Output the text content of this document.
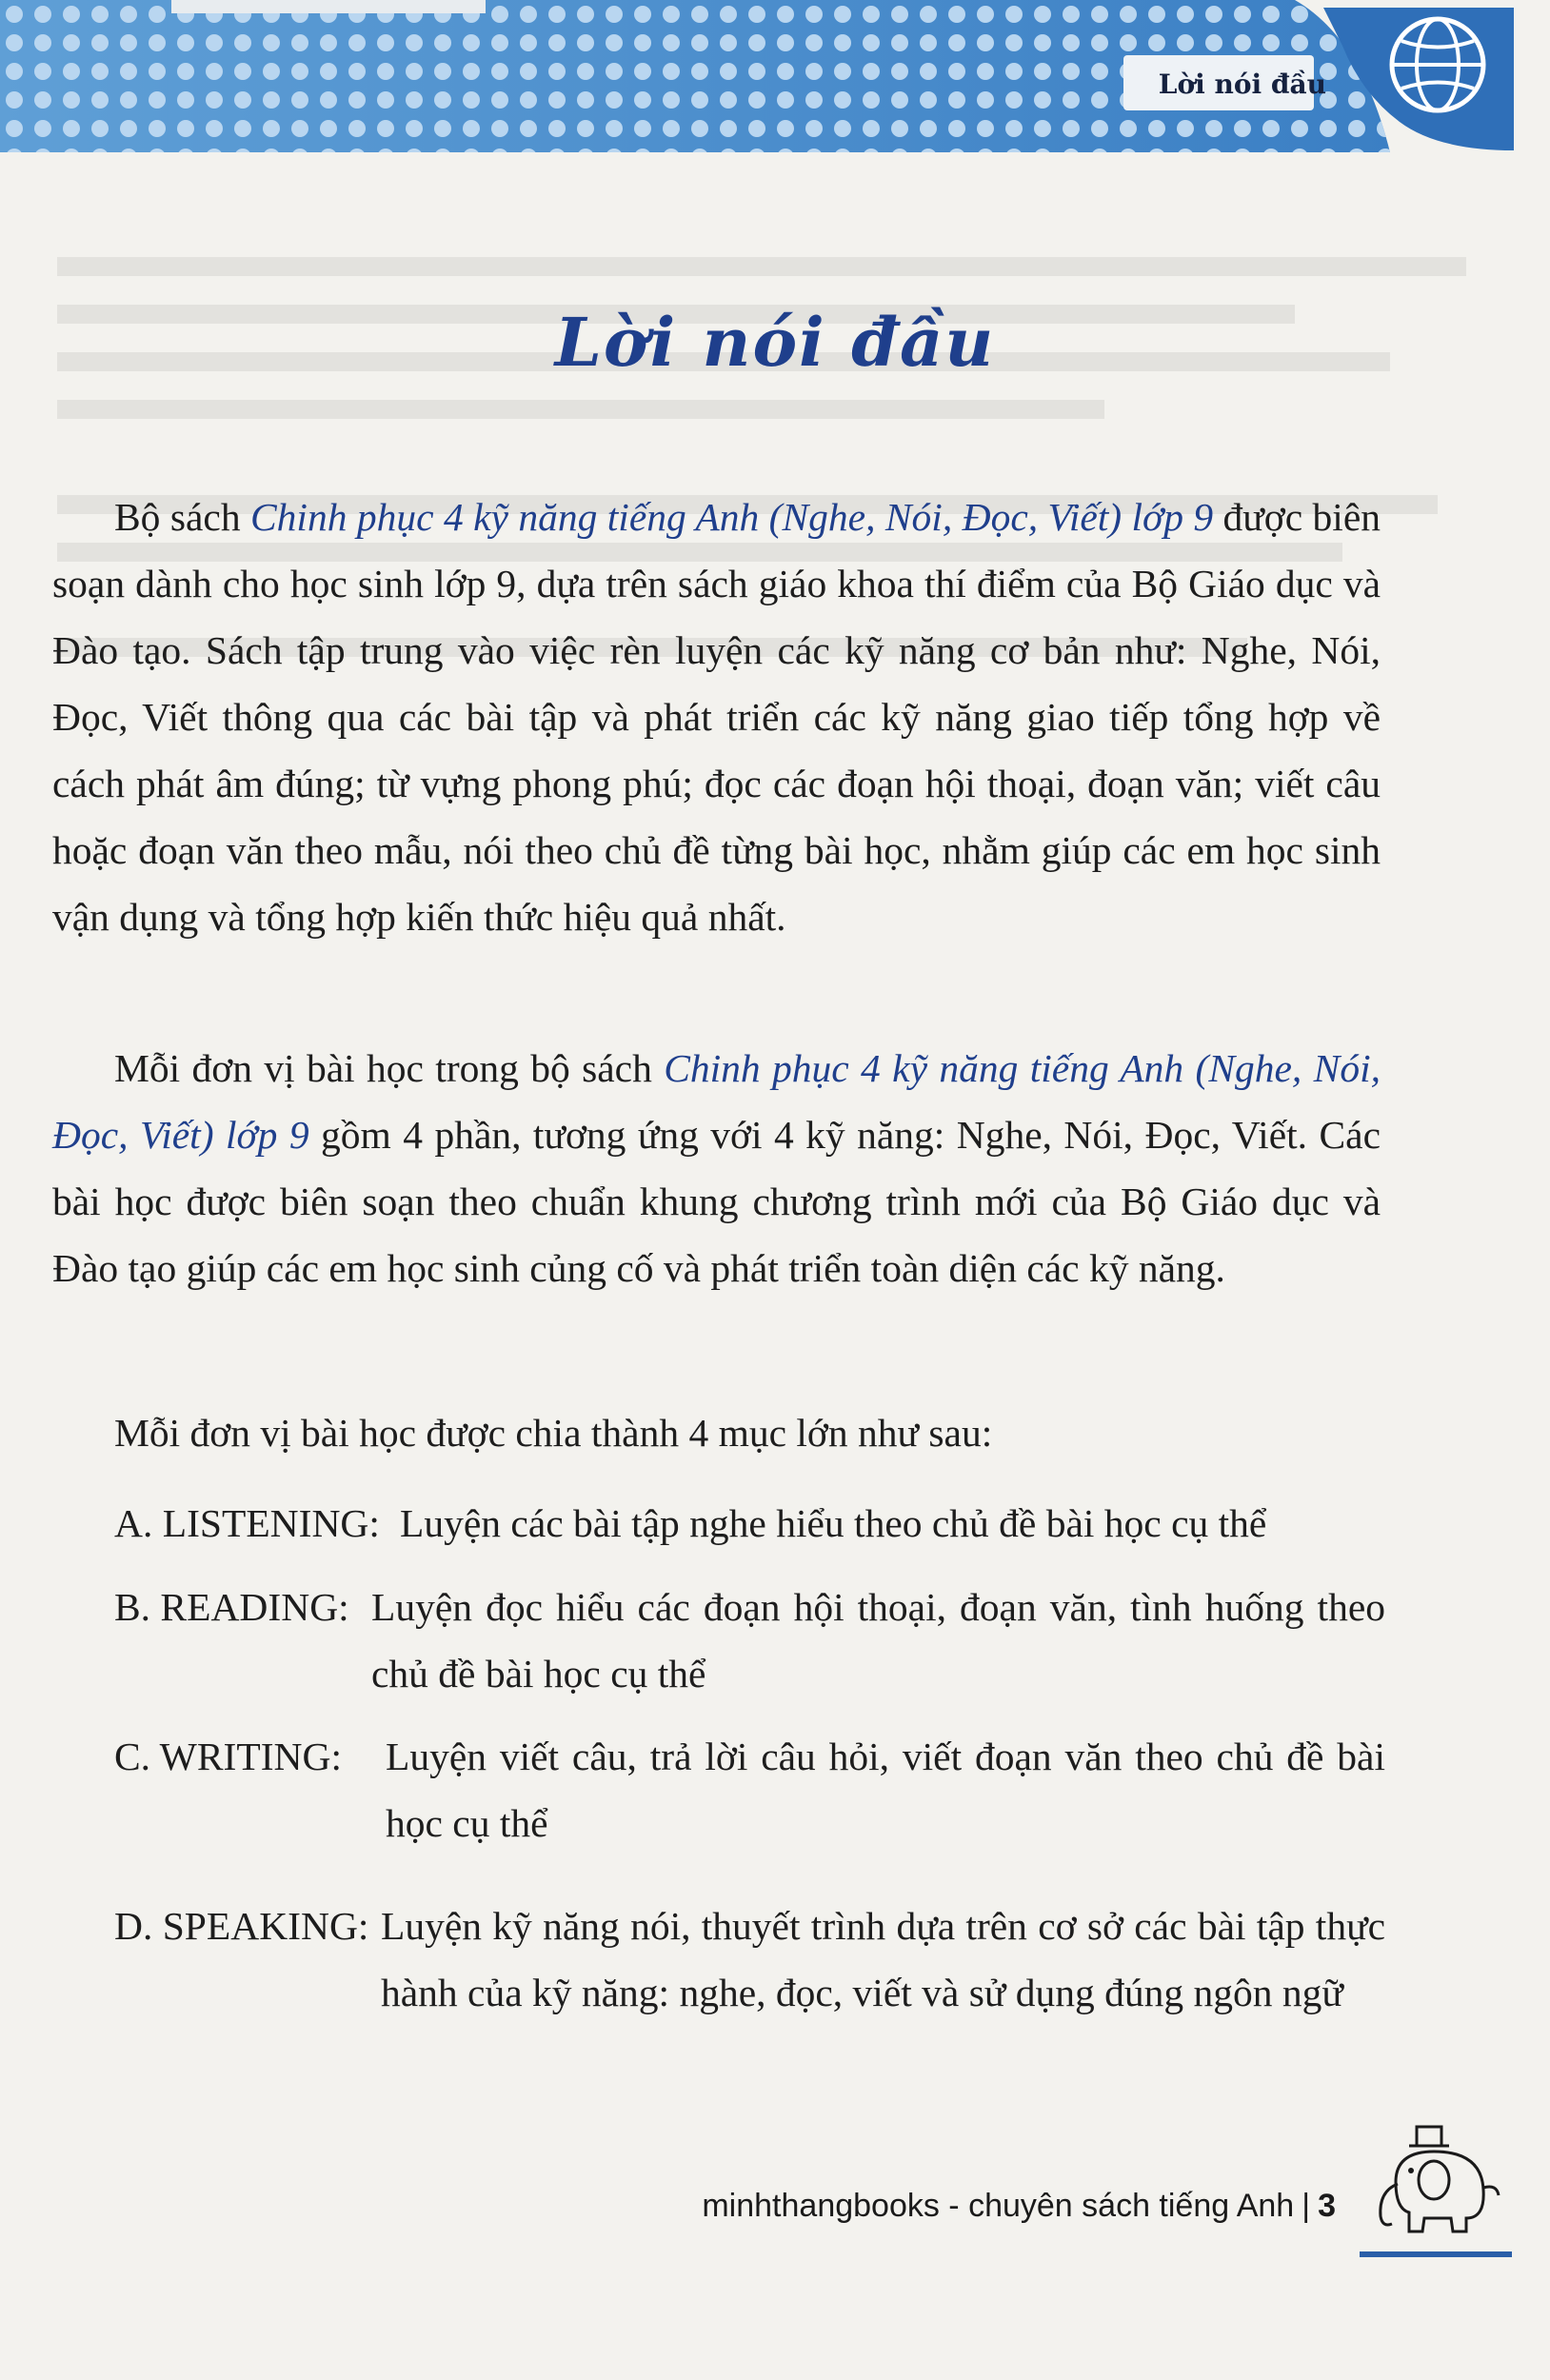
Lời nói đầu
Lời nói đầu

Bộ sách Chinh phục 4 kỹ năng tiếng Anh (Nghe, Nói, Đọc, Viết) lớp 9 được biên soạn dành cho học sinh lớp 9, dựa trên sách giáo khoa thí điểm của Bộ Giáo dục và Đào tạo. Sách tập trung vào việc rèn luyện các kỹ năng cơ bản như: Nghe, Nói, Đọc, Viết thông qua các bài tập và phát triển các kỹ năng giao tiếp tổng hợp về cách phát âm đúng; từ vựng phong phú; đọc các đoạn hội thoại, đoạn văn; viết câu hoặc đoạn văn theo mẫu, nói theo chủ đề từng bài học, nhằm giúp các em học sinh vận dụng và tổng hợp kiến thức hiệu quả nhất.

Mỗi đơn vị bài học trong bộ sách Chinh phục 4 kỹ năng tiếng Anh (Nghe, Nói, Đọc, Viết) lớp 9 gồm 4 phần, tương ứng với 4 kỹ năng: Nghe, Nói, Đọc, Viết. Các bài học được biên soạn theo chuẩn khung chương trình mới của Bộ Giáo dục và Đào tạo giúp các em học sinh củng cố và phát triển toàn diện các kỹ năng.

Mỗi đơn vị bài học được chia thành 4 mục lớn như sau:

A. LISTENING: Luyện các bài tập nghe hiểu theo chủ đề bài học cụ thể
B. READING: Luyện đọc hiểu các đoạn hội thoại, đoạn văn, tình huống theo chủ đề bài học cụ thể
C. WRITING: Luyện viết câu, trả lời câu hỏi, viết đoạn văn theo chủ đề bài học cụ thể
D. SPEAKING: Luyện kỹ năng nói, thuyết trình dựa trên cơ sở các bài tập thực hành của kỹ năng: nghe, đọc, viết và sử dụng đúng ngôn ngữ
minhthangbooks - chuyên sách tiếng Anh | 3
